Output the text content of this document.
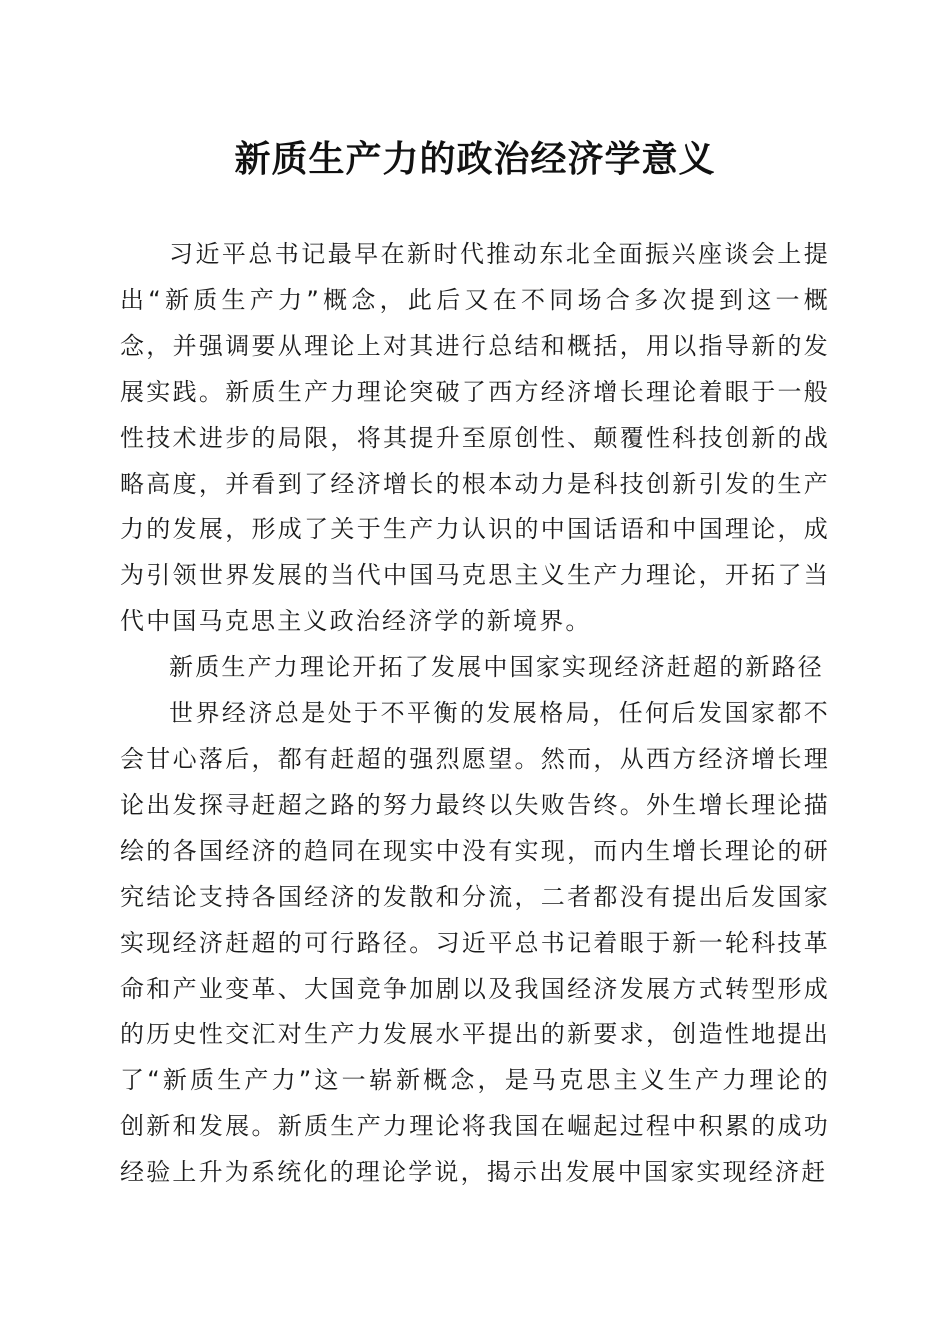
新质生产力的政治经济学意义

习近平总书记最早在新时代推动东北全面振兴座谈会上提出“新质生产力”概念，此后又在不同场合多次提到这一概念，并强调要从理论上对其进行总结和概括，用以指导新的发展实践。新质生产力理论突破了西方经济增长理论着眼于一般性技术进步的局限，将其提升至原创性、颠覆性科技创新的战略高度，并看到了经济增长的根本动力是科技创新引发的生产力的发展，形成了关于生产力认识的中国话语和中国理论，成为引领世界发展的当代中国马克思主义生产力理论，开拓了当代中国马克思主义政治经济学的新境界。

新质生产力理论开拓了发展中国家实现经济赶超的新路径

世界经济总是处于不平衡的发展格局，任何后发国家都不会甘心落后，都有赶超的强烈愿望。然而，从西方经济增长理论出发探寻赶超之路的努力最终以失败告终。外生增长理论描绘的各国经济的趋同在现实中没有实现，而内生增长理论的研究结论支持各国经济的发散和分流，二者都没有提出后发国家实现经济赶超的可行路径。习近平总书记着眼于新一轮科技革命和产业变革、大国竞争加剧以及我国经济发展方式转型形成的历史性交汇对生产力发展水平提出的新要求，创造性地提出了“新质生产力”这一崭新概念，是马克思主义生产力理论的创新和发展。新质生产力理论将我国在崛起过程中积累的成功经验上升为系统化的理论学说，揭示出发展中国家实现经济赶
